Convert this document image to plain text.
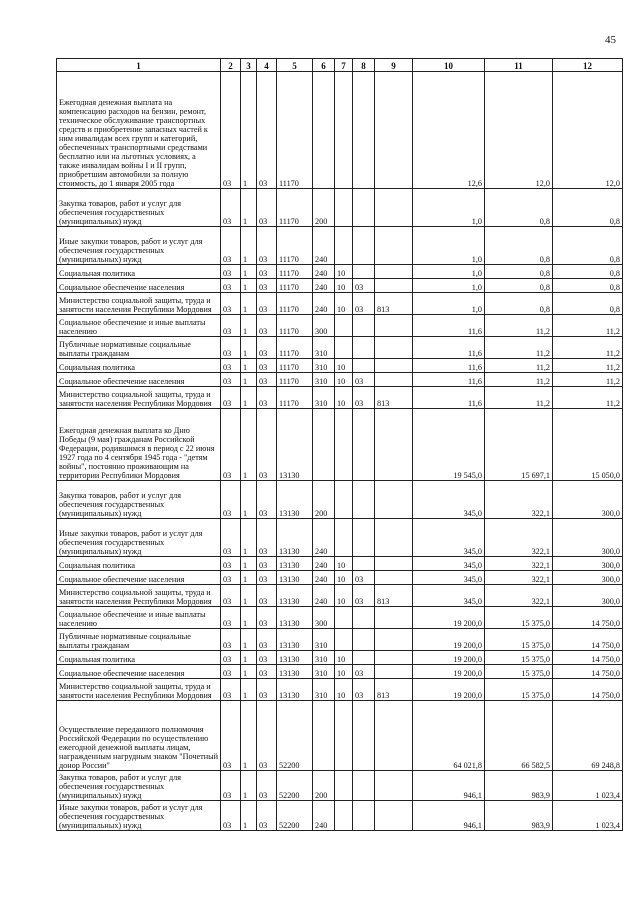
45
1	2	3	4	5	6	7	8	9	10	11	12
Ежегодная денежная выплата на компенсацию расходов на бензин, ремонт, техническое обслуживание транспортных средств и приобретение запасных частей к ним инвалидам всех групп и категорий, обеспеченных транспортными средствами бесплатно или на льготных условиях, а также инвалидам войны I и II групп, приобретшим автомобили за полную стоимость, до 1 января 2005 года	03	1	03	11170					12,6	12,0	12,0
Закупка товаров, работ и услуг для обеспечения государственных (муниципальных) нужд	03	1	03	11170	200				1,0	0,8	0,8
Иные закупки товаров, работ и услуг для обеспечения государственных (муниципальных) нужд	03	1	03	11170	240				1,0	0,8	0,8
Социальная политика	03	1	03	11170	240	10			1,0	0,8	0,8
Социальное обеспечение населения	03	1	03	11170	240	10	03		1,0	0,8	0,8
Министерство социальной защиты, труда и занятости населения Республики Мордовия	03	1	03	11170	240	10	03	813	1,0	0,8	0,8
Социальное обеспечение и иные выплаты населению	03	1	03	11170	300				11,6	11,2	11,2
Публичные нормативные социальные выплаты гражданам	03	1	03	11170	310				11,6	11,2	11,2
Социальная политика	03	1	03	11170	310	10			11,6	11,2	11,2
Социальное обеспечение населения	03	1	03	11170	310	10	03		11,6	11,2	11,2
Министерство социальной защиты, труда и занятости населения Республики Мордовия	03	1	03	11170	310	10	03	813	11,6	11,2	11,2
Ежегодная денежная выплата ко Дню Победы (9 мая) гражданам Российской Федерации, родившимся в период с 22 июня 1927 года по 4 сентября 1945 года - "детям войны", постоянно проживающим на территории Республики Мордовия	03	1	03	13130					19 545,0	15 697,1	15 050,0
Закупка товаров, работ и услуг для обеспечения государственных (муниципальных) нужд	03	1	03	13130	200				345,0	322,1	300,0
Иные закупки товаров, работ и услуг для обеспечения государственных (муниципальных) нужд	03	1	03	13130	240				345,0	322,1	300,0
Социальная политика	03	1	03	13130	240	10			345,0	322,1	300,0
Социальное обеспечение населения	03	1	03	13130	240	10	03		345,0	322,1	300,0
Министерство социальной защиты, труда и занятости населения Республики Мордовия	03	1	03	13130	240	10	03	813	345,0	322,1	300,0
Социальное обеспечение и иные выплаты населению	03	1	03	13130	300				19 200,0	15 375,0	14 750,0
Публичные нормативные социальные выплаты гражданам	03	1	03	13130	310				19 200,0	15 375,0	14 750,0
Социальная политика	03	1	03	13130	310	10			19 200,0	15 375,0	14 750,0
Социальное обеспечение населения	03	1	03	13130	310	10	03		19 200,0	15 375,0	14 750,0
Министерство социальной защиты, труда и занятости населения Республики Мордовия	03	1	03	13130	310	10	03	813	19 200,0	15 375,0	14 750,0
Осуществление переданного полномочия Российской Федерации по осуществлению ежегодной денежной выплаты лицам, награжденным нагрудным знаком "Почетный донор России"	03	1	03	52200					64 021,8	66 582,5	69 248,8
Закупка товаров, работ и услуг для обеспечения государственных (муниципальных) нужд	03	1	03	52200	200				946,1	983,9	1 023,4
Иные закупки товаров, работ и услуг для обеспечения государственных (муниципальных) нужд	03	1	03	52200	240				946,1	983,9	1 023,4
